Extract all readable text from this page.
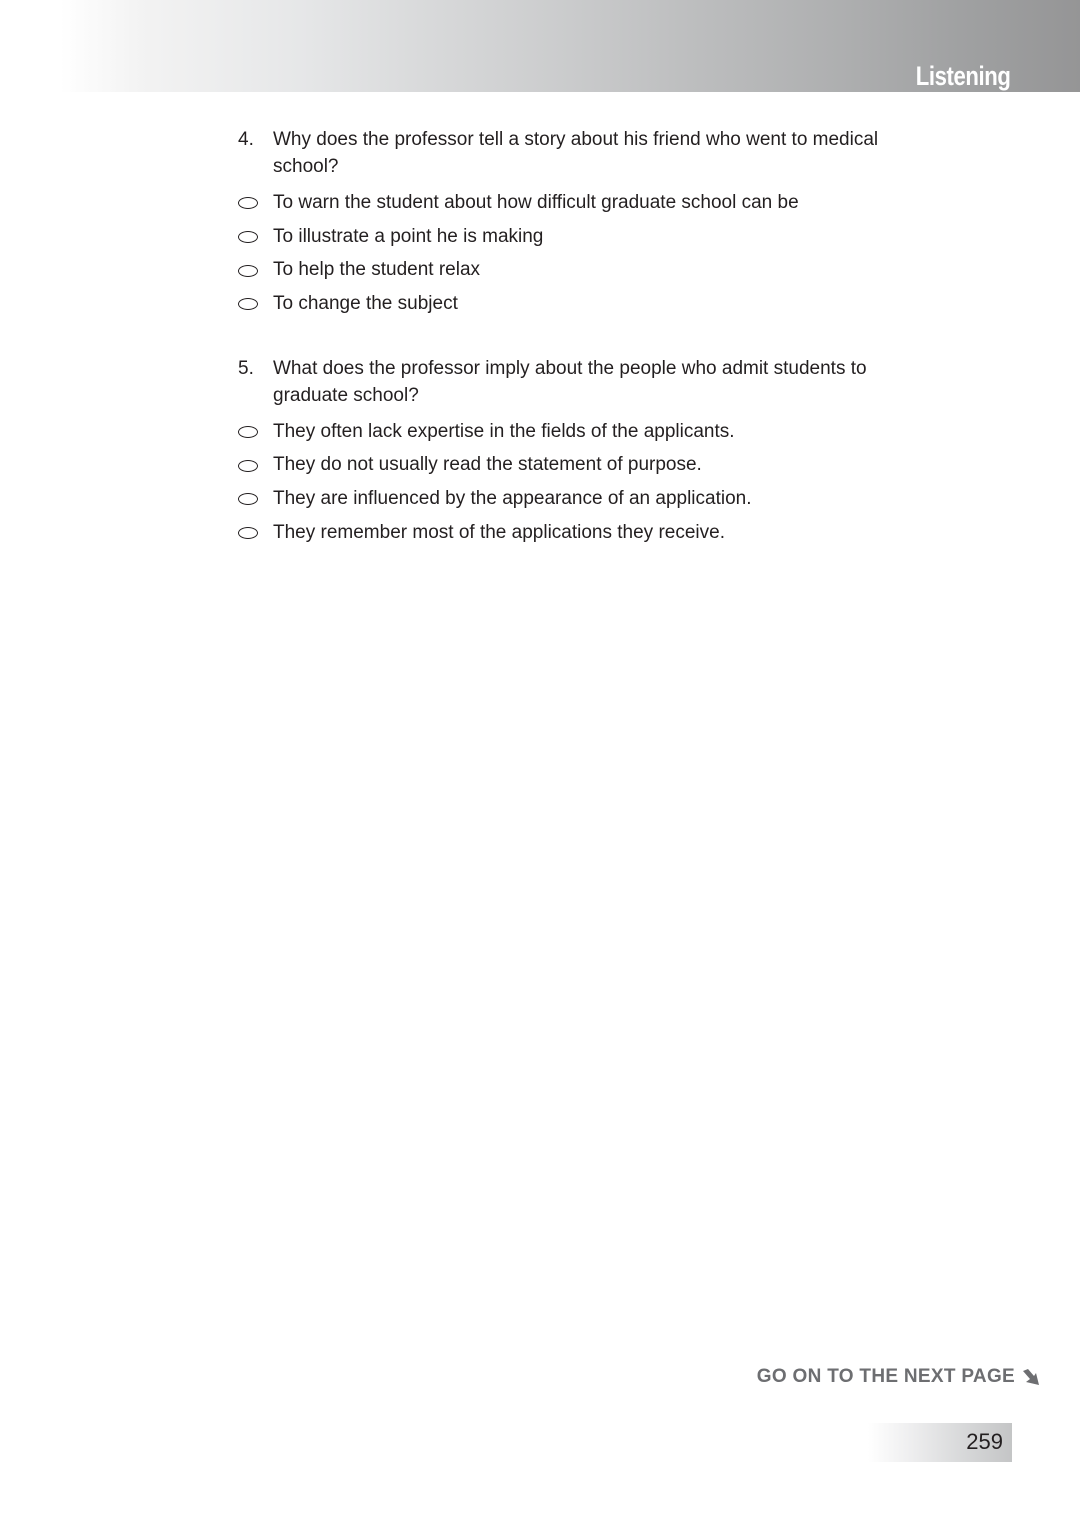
Listening
4.	Why does the professor tell a story about his friend who went to medical school?
To warn the student about how difficult graduate school can be
To illustrate a point he is making
To help the student relax
To change the subject
5.	What does the professor imply about the people who admit students to graduate school?
They often lack expertise in the fields of the applicants.
They do not usually read the statement of purpose.
They are influenced by the appearance of an application.
They remember most of the applications they receive.
GO ON TO THE NEXT PAGE
259
